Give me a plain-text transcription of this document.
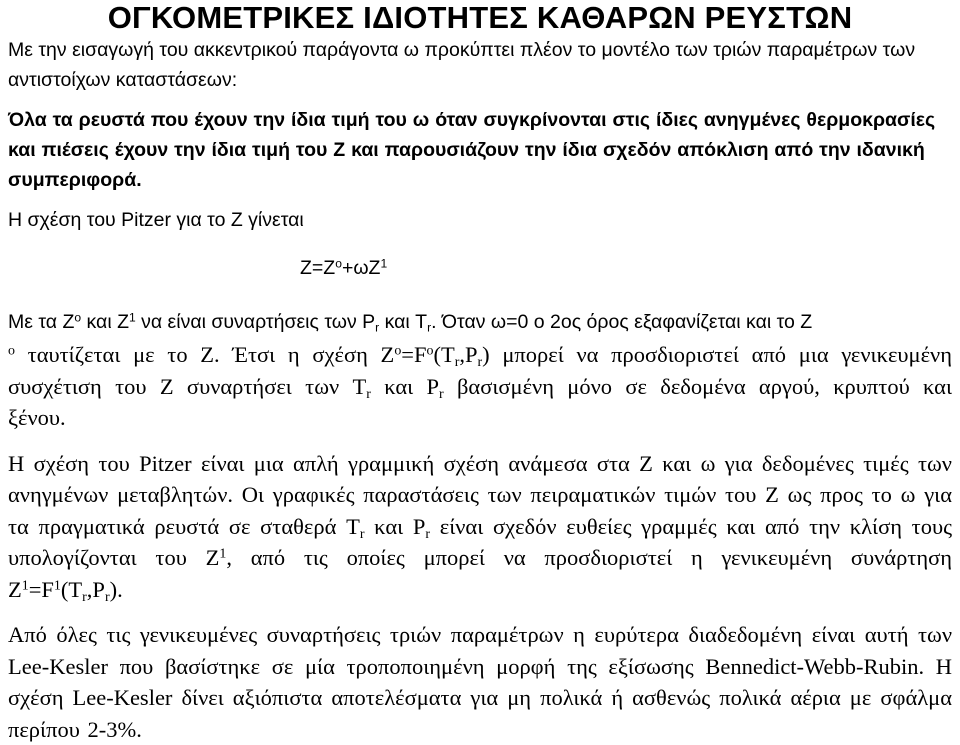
ΟΓΚΟΜΕΤΡΙΚΕΣ ΙΔΙΟΤΗΤΕΣ ΚΑΘΑΡΩΝ ΡΕΥΣΤΩΝ

Με την εισαγωγή του ακκεντρικού παράγοντα ω προκύπτει πλέον το μοντέλο των τριών παραμέτρων των αντιστοίχων καταστάσεων:

Όλα τα ρευστά που έχουν την ίδια τιμή του ω όταν συγκρίνονται στις ίδιες ανηγμένες θερμοκρασίες και πιέσεις έχουν την ίδια τιμή του Ζ και παρουσιάζουν την ίδια σχεδόν απόκλιση από την ιδανική συμπεριφορά.

Η σχέση του Pitzer για το Z γίνεται

$Z=Z^o+\omega Z^1$

Με τα $Z^o$ και $Z^1$ να είναι συναρτήσεις των $P_r$ και $T_r$. Όταν ω=0 ο 2ος όρος εξαφανίζεται και το Z

$^o$ ταυτίζεται με το Z. Έτσι η σχέση $Z^o=F^o(T_r,P_r)$ μπορεί να προσδιοριστεί από μια γενικευμένη συσχέτιση του Z συναρτήσει των $T_r$ και $P_r$ βασισμένη μόνο σε δεδομένα αργού, κρυπτού και ξένου.

Η σχέση του Pitzer είναι μια απλή γραμμική σχέση ανάμεσα στα Z και ω για δεδομένες τιμές των ανηγμένων μεταβλητών. Οι γραφικές παραστάσεις των πειραματικών τιμών του Z ως προς το ω για τα πραγματικά ρευστά σε σταθερά $T_r$ και $P_r$ είναι σχεδόν ευθείες γραμμές και από την κλίση τους υπολογίζονται του $Z^1$, από τις οποίες μπορεί να προσδιοριστεί η γενικευμένη συνάρτηση $Z^1=F^1(T_r,P_r)$.

Από όλες τις γενικευμένες συναρτήσεις τριών παραμέτρων η ευρύτερα διαδεδομένη είναι αυτή των Lee-Kesler που βασίστηκε σε μία τροποποιημένη μορφή της εξίσωσης Bennedict-Webb-Rubin. Η σχέση Lee-Kesler δίνει αξιόπιστα αποτελέσματα για μη πολικά ή ασθενώς πολικά αέρια με σφάλμα περίπου 2-3%.
